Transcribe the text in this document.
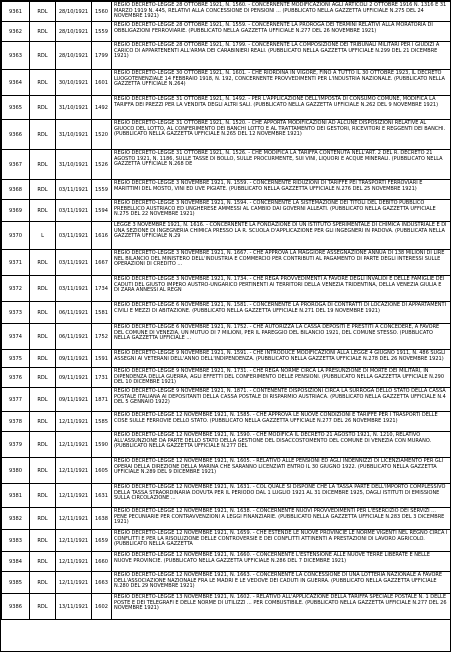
9361	RDL	28/10/1921	1560	REGIO DECRETO-LEGGE 28 OTTOBRE 1921, N. 1560. - CONCERNENTE MODIFICAZIONI AGLI ARTICOLI 2 OTTOBRE 1916 N. 1316 E 31 MARZO 1919 N. 445, RELATIVI ALLA CONCESSIONE DI PENSIONI ... (PUBBLICATO NELLA GAZZETTA UFFICIALE N.275 DEL 24 NOVEMBRE 1921)
9362	RDL	28/10/1921	1559	REGIO DECRETO-LEGGE 28 OTTOBRE 1921, N. 1559. - CONCERNENTE LA PROROGA DEI TERMINI RELATIVI ALLA MORATORIA DI OBBLIGAZIONI FERROVIARIE. (PUBBLICATO NELLA GAZZETTA UFFICIALE N.277 DEL 26 NOVEMBRE 1921)
9363	RDL	28/10/1921	1799	REGIO DECRETO-LEGGE 28 OTTOBRE 1921, N. 1799. - CONCERNENTE LA COMPOSIZIONE DEI TRIBUNALI MILITARI PER I GIUDIZI A CARICO DI APPARTENENTI ALL'ARMA DEI CARABINIERI REALI. (PUBBLICATO NELLA GAZZETTA UFFICIALE N.299 DEL 21 DICEMBRE 1921)
9364	RDL	30/10/1921	1601	REGIO DECRETO-LEGGE 30 OTTOBRE 1921, N. 1601. - CHE RIORDINA IN VIGORE, FINO A TUTTO IL 30 OTTOBRE 1923, IL DECRETO LUOGOTENENZIALE 14 FEBBRAIO 1918, N. 192, CONCERNENTE PROVVEDIMENTI PER L'INDUSTRIA NAZIONALE. (PUBBLICATO NELLA GAZZETTA UFFICIALE N.264)
9365	RDL	31/10/1921	1492	REGIO DECRETO-LEGGE 31 OTTOBRE 1921, N. 1492. - PER L'APPLICAZIONE DELL'IMPOSTA DI CONSUMO COMUNE, MODIFICA LA TARIFFA DEI PREZZI PER LA VENDITA DEGLI ALTRI SALI. (PUBBLICATO NELLA GAZZETTA UFFICIALE N.262 DEL 9 NOVEMBRE 1921)
9366	RDL	31/10/1921	1520	REGIO DECRETO-LEGGE 31 OTTOBRE 1921, N. 1520. - CHE APPORTA MODIFICAZIONI AD ALCUNE DISPOSIZIONI RELATIVE AL GIUOCO DEL LOTTO, AL CONFERIMENTO DEI BANCHI LOTTO E AL TRATTAMENTO DEI GESTORI, RICEVITORI E REGGENTI DEI BANCHI. (PUBBLICATO NELLA GAZZETTA UFFICIALE N.265 DEL 12 NOVEMBRE 1921)
9367	RDL	31/10/1921	1526	REGIO DECRETO-LEGGE 31 OTTOBRE 1921, N. 1526. - CHE MODIFICA LA TARIFFA CONTENUTA NELL'ART. 2 DEL R. DECRETO 21 AGOSTO 1921, N. 1186, SULLE TASSE DI BOLLO, SULLE PROCURMENTE, SUI VINI, LIQUORI E ACQUE MINERALI. (PUBBLICATO NELLA GAZZETTA UFFICIALE N.268 DE
9368	RDL	03/11/1921	1559	REGIO DECRETO-LEGGE 3 NOVEMBRE 1921, N. 1559. - CONCERNENTE RIDUZIONI DI TARIFFE PEI TRASPORTI FERROVIARI E MARITTIMI DEL MOSTO, VINI ED UVE PIGIATE. (PUBBLICATO NELLA GAZZETTA UFFICIALE N.276 DEL 25 NOVEMBRE 1921)
9369	RDL	03/11/1921	1594	REGIO DECRETO-LEGGE 3 NOVEMBRE 1921, N. 1594. - CONCERNENTE LA SISTEMAZIONE DEI TITOLI DEL DEBITO PUBBLICO PREBELLICO AUSTRIACO ED UNGHERESE AMMESSI AL CAMBIO DAI GOVERNI ALLEATI. (PUBBLICATO NELLA GAZZETTA UFFICIALE N.275 DEL 22 NOVEMBRE 1921)
9370	L	03/11/1921	1616	LEGGE 3 NOVEMBRE 1921, N. 1616. - CONCERNENTE LA FONDAZIONE DI UN ISTITUTO SPERIMENTALE DI CHIMICA INDUSTRIALE E DI UNA SEZIONE DI INGEGNERIA CHIMICA PRESSO LA R. SCUOLA D'APPLICAZIONE PER GLI INGEGNERI IN PADOVA. (PUBBLICATA NELLA GAZZETTA UFFICIALE N.29
9371	RDL	03/11/1921	1667	REGIO DECRETO-LEGGE 3 NOVEMBRE 1921, N. 1667. - CHE APPROVA LA MAGGIORE ASSEGNAZIONE ANNUA DI 138 MILIONI DI LIRE NEL BILANCIO DEL MINISTERO DELL'INDUSTRIA E COMMERCIO PER CONTRIBUTI AL PAGAMENTO DI PARTE DEGLI INTERESSI SULLE OPERAZIONI DI CREDITO ...
9372	RDL	03/11/1921	1734	REGIO DECRETO-LEGGE 3 NOVEMBRE 1921, N. 1734. - CHE REGA PROVVEDIMENTI A FAVORE DEGLI INVALIDI E DELLE FAMIGLIE DEI CADUTI DEL GIUSTO IMPERO AUSTRO-UNGARICO PERTINENTI AI TERRITORI DELLA VENEZIA TRIDENTINA, DELLA VENEZIA GIULIA E DI ZARA ANNESSI AL REGN
9373	RDL	06/11/1921	1581	REGIO DECRETO-LEGGE 6 NOVEMBRE 1921, N. 1581. - CONCERNENTE LA PROROGA DI CONTRATTI DI LOCAZIONE DI APPARTAMENTI CIVILI E MEZZI DI ABITAZIONE. (PUBBLICATO NELLA GAZZETTA UFFICIALE N.271 DEL 19 NOVEMBRE 1921)
9374	RDL	06/11/1921	1752	REGIO DECRETO-LEGGE 6 NOVEMBRE 1921, N. 1752. - CHE AUTORIZZA LA CASSA DEPOSITI E PRESTITI A CONCEDERE, A FAVORE DEL COMUNE DI VENEZIA, UN MUTUO DI 7 MILIONI, PER IL PAREGGIO DEL BILANCIO 1921, DEL COMUNE STESSO. (PUBBLICATO NELLA GAZZETTA UFFICIALE ...
9375	RDL	09/11/1921	1591	REGIO DECRETO-LEGGE 9 NOVEMBRE 1921, N. 1591. - CHE INTRODUCE MODIFICAZIONI ALLA LEGGE 4 GIUGNO 1911, N. 486 SUGLI ASSEGNI AI VETERANI DELL'ANNO DELL'INDIPENDENZA. (PUBBLICATO NELLA GAZZETTA UFFICIALE N.278 DEL 26 NOVEMBRE 1921)
9376	RDL	09/11/1921	1731	REGIO DECRETO-LEGGE 9 NOVEMBRE 1921, N. 1731. - CHE REGA NORME CIRCA LA PRESUNZIONE DI MORTE DEI MILITARI, IN DIPENDENZA DELLA GUERRA, AGLI EFFETTI DEL CONFERIMENTO DELLE PENSIONI. (PUBBLICATO NELLA GAZZETTA UFFICIALE N.290 DEL 10 DICEMBRE 1921)
9377	RDL	09/11/1921	1871	REGIO DECRETO-LEGGE 9 NOVEMBRE 1921, N. 1871. - CONTENENTE DISPOSIZIONI CIRCA LA SURROGA DELLO STATO DELLA CASSA POSTALE ITALIANA AI DEPOSITANTI DELLA CASSA POSTALE DI RISPARMIO AUSTRIACA. (PUBBLICATO NELLA GAZZETTA UFFICIALE N.4 DEL 5 GENNAIO 1922)
9378	RDL	12/11/1921	1585	REGIO DECRETO-LEGGE 12 NOVEMBRE 1921, N. 1585. - CHE APPROVA LE NUOVE CONDIZIONI E TARIFFE PER I TRASPORTI DELLE COSE SULLE FERROVIE DELLO STATO. (PUBBLICATO NELLA GAZZETTA UFFICIALE N.277 DEL 26 NOVEMBRE 1921)
9379	RDL	12/11/1921	1590	REGIO DECRETO-LEGGE 12 NOVEMBRE 1921, N. 1590. - CHE MODIFICA IL DECRETO 21 AGOSTO 1921, N. 1210, RELATIVO ALL'ASSUNZIONE DA PARTE DELLO STATO DELLA GESTIONE DEL DISACCOSTOMENTO DEL COMUNE DI VENEZIA CON MURANO. (PUBBLICATO NELLA GAZZETTA UFFICIALE N.277 DEL
9380	RDL	12/11/1921	1605	REGIO DECRETO-LEGGE 12 NOVEMBRE 1921, N. 1605. - RELATIVO ALLE PENSIONI ED AGLI INDENNIZZI DI LICENZIAMENTO PER GLI OPERAI DELLA DIREZIONE DELLA MARINA CHE SARANNO LICENZIATI ENTRO IL 30 GIUGNO 1922. (PUBBLICATO NELLA GAZZETTA UFFICIALE N.289 DEL 9 DICEMBRE 1921)
9381	RDL	12/11/1921	1631	REGIO DECRETO-LEGGE 12 NOVEMBRE 1921, N. 1631. - COL QUALE SI DISPONE CHE LA TASSA PARTE DELL'IMPORTO COMPLESSIVO DELLA TASSA STRAORDINARIA DOVUTA PER IL PERIODO DAL 1 LUGLIO 1921 AL 31 DICEMBRE 1925, DAGLI ISTITUTI DI EMISSIONE SULLA CIRCOLAZIONE ...
9382	RDL	12/11/1921	1638	REGIO DECRETO-LEGGE 12 NOVEMBRE 1921, N. 1638. - CONCERNENTE NUOVI PROVVEDIMENTI PER L'ESERCIZIO DEI SERVIZI ... PENE PECUNIARIE PER CONTRAVVENZIONI A LEGGI FINANZIARIE. (PUBBLICATO NELLA GAZZETTA UFFICIALE N.283 DEL 3 DICEMBRE 1921)
9383	RDL	12/11/1921	1659	REGIO DECRETO-LEGGE 12 NOVEMBRE 1921, N. 1659. - CHE ESTENDE LE NUOVE PROVINCIE LE NORME VIGENTI NEL REGNO CIRCA I CONFLITTI E PER LA RISOLUZIONE DELLE CONTROVERSIE E DEI CONFLITTI ATTINENTI A PRESTAZIONI DI LAVORO AGRICOLO. (PUBBLICATO NELLA GAZZETTA
9384	RDL	12/11/1921	1660	REGIO DECRETO-LEGGE 12 NOVEMBRE 1921, N. 1660. - CONCERNENTE L'ESTENSIONE ALLE NUOVE TERRE LIBERATE E NELLE NUOVE PROVINCIE. (PUBBLICATO NELLA GAZZETTA UFFICIALE N.286 DEL 7 DICEMBRE 1921)
9385	RDL	12/11/1921	1663	REGIO DECRETO-LEGGE 12 NOVEMBRE 1921, N. 1663. - CONCERNENTE LA CONCESSIONE DI UNA LOTTERIA NAZIONALE A FAVORE DELL'ASSOCIAZIONE NAZIONALE FRA LE MADRI E LE VEDOVE DEI CADUTI IN GUERRA. (PUBBLICATO NELLA GAZZETTA UFFICIALE N.280 DEL 29 NOVEMBRE 1921)
9386	RDL	13/11/1921	1602	REGIO DECRETO-LEGGE 13 NOVEMBRE 1921, N. 1602. - RELATIVO ALL'APPLICAZIONE DELLA TARIFFA SPECIALE POSTALE N. 1 DELLE POSTE E DEI TELEGRAFI E DELLE NORME DI UTILIZZI ... PER COMBUSTIBILE. (PUBBLICATO NELLA GAZZETTA UFFICIALE N.277 DEL 26 NOVEMBRE 1921)
